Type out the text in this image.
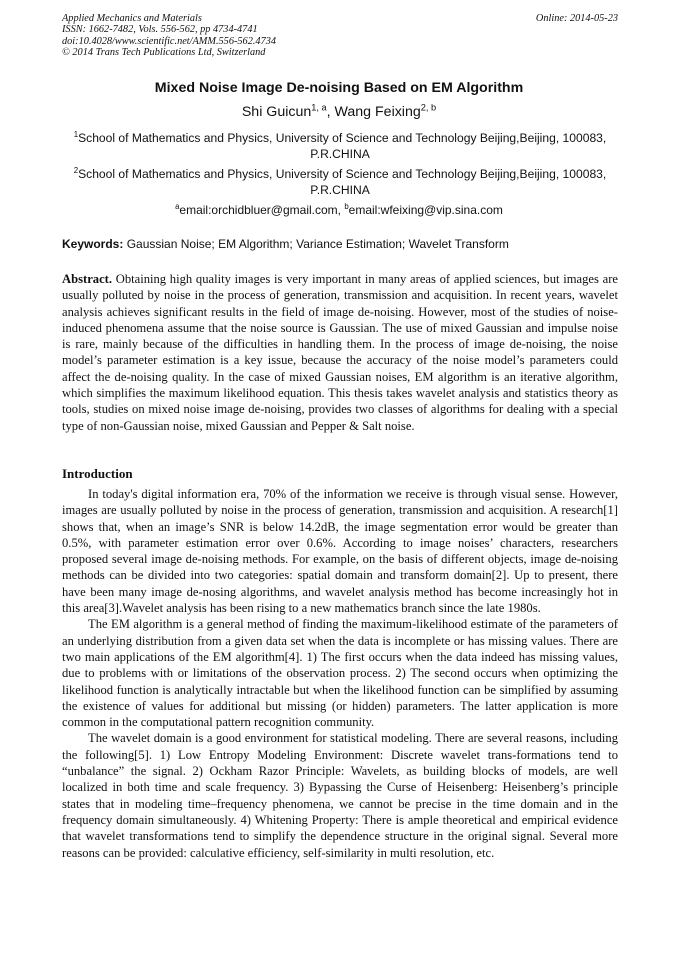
Applied Mechanics and Materials
ISSN: 1662-7482, Vols. 556-562, pp 4734-4741
doi:10.4028/www.scientific.net/AMM.556-562.4734
© 2014 Trans Tech Publications Ltd, Switzerland
Online: 2014-05-23
Mixed Noise Image De-noising Based on EM Algorithm
Shi Guicun$^{1, a}$, Wang Feixing$^{2, b}$
$^1$School of Mathematics and Physics, University of Science and Technology Beijing,Beijing, 100083, P.R.CHINA
$^2$School of Mathematics and Physics, University of Science and Technology Beijing,Beijing, 100083, P.R.CHINA
$^a$email:orchidbluer@gmail.com, $^b$email:wfeixing@vip.sina.com
Keywords: Gaussian Noise; EM Algorithm; Variance Estimation; Wavelet Transform

Abstract. Obtaining high quality images is very important in many areas of applied sciences, but images are usually polluted by noise in the process of generation, transmission and acquisition. In recent years, wavelet analysis achieves significant results in the field of image de-noising. However, most of the studies of noise-induced phenomena assume that the noise source is Gaussian. The use of mixed Gaussian and impulse noise is rare, mainly because of the difficulties in handling them. In the process of image de-noising, the noise model’s parameter estimation is a key issue, because the accuracy of the noise model’s parameters could affect the de-noising quality. In the case of mixed Gaussian noises, EM algorithm is an iterative algorithm, which simplifies the maximum likelihood equation. This thesis takes wavelet analysis and statistics theory as tools, studies on mixed noise image de-noising, provides two classes of algorithms for dealing with a special type of non-Gaussian noise, mixed Gaussian and Pepper & Salt noise.

Introduction

In today's digital information era, 70% of the information we receive is through visual sense. However, images are usually polluted by noise in the process of generation, transmission and acquisition. A research[1] shows that, when an image’s SNR is below 14.2dB, the image segmentation error would be greater than 0.5%, with parameter estimation error over 0.6%. According to image noises’ characters, researchers proposed several image de-noising methods. For example, on the basis of different objects, image de-noising methods can be divided into two categories: spatial domain and transform domain[2]. Up to present, there have been many image de-nosing algorithms, and wavelet analysis method has become increasingly hot in this area[3].Wavelet analysis has been rising to a new mathematics branch since the late 1980s.

The EM algorithm is a general method of finding the maximum-likelihood estimate of the parameters of an underlying distribution from a given data set when the data is incomplete or has missing values. There are two main applications of the EM algorithm[4]. 1) The first occurs when the data indeed has missing values, due to problems with or limitations of the observation process. 2) The second occurs when optimizing the likelihood function is analytically intractable but when the likelihood function can be simplified by assuming the existence of values for additional but missing (or hidden) parameters. The latter application is more common in the computational pattern recognition community.

The wavelet domain is a good environment for statistical modeling. There are several reasons, including the following[5]. 1) Low Entropy Modeling Environment: Discrete wavelet trans-formations tend to “unbalance” the signal. 2) Ockham Razor Principle: Wavelets, as building blocks of models, are well localized in both time and scale frequency. 3) Bypassing the Curse of Heisenberg: Heisenberg’s principle states that in modeling time–frequency phenomena, we cannot be precise in the time domain and in the frequency domain simultaneously. 4) Whitening Property: There is ample theoretical and empirical evidence that wavelet transformations tend to simplify the dependence structure in the original signal. Several more reasons can be provided: calculative efficiency, self-similarity in multi resolution, etc.
